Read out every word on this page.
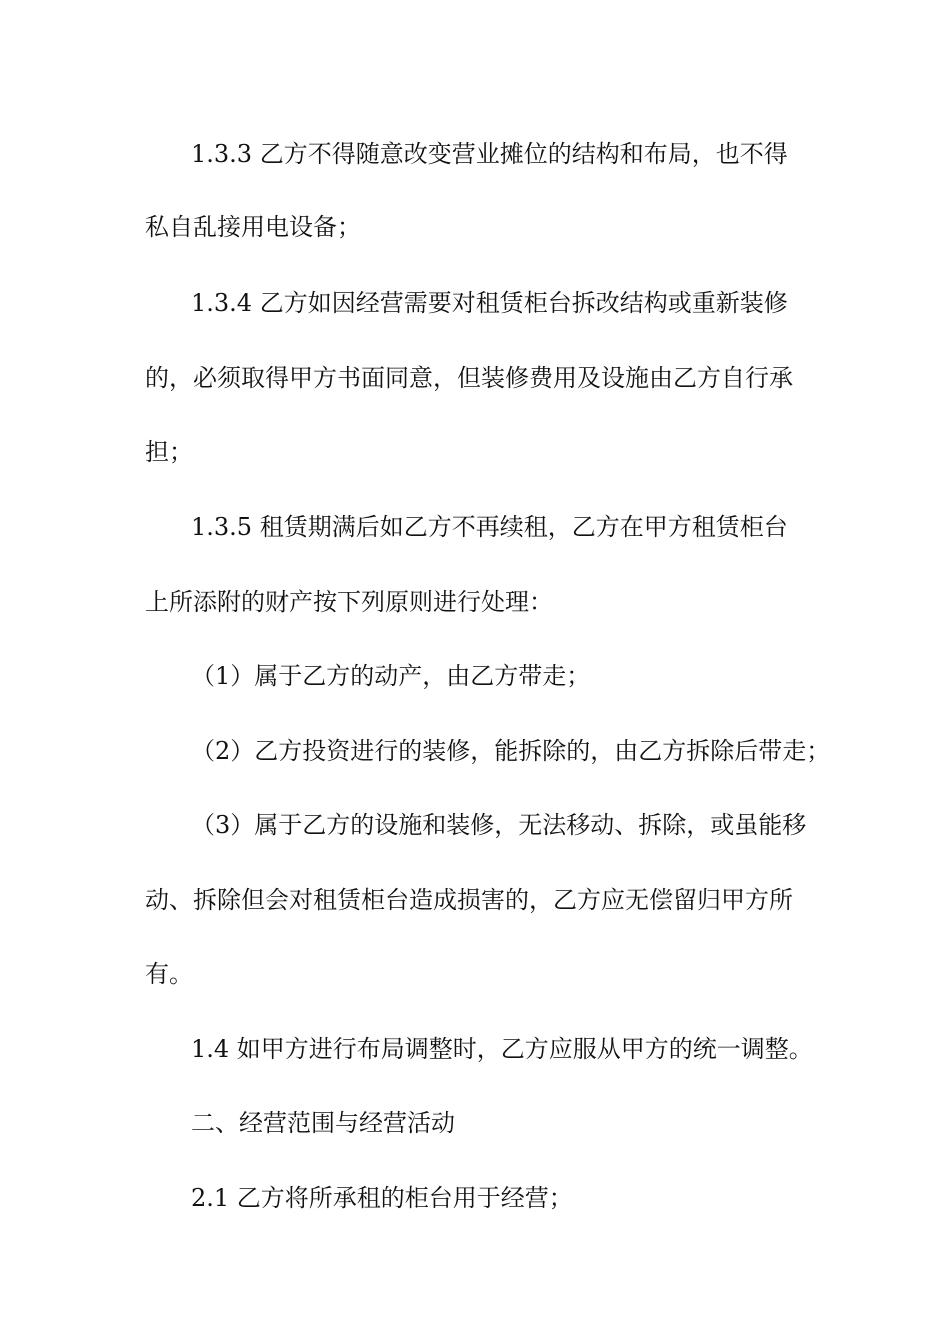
1.3.3 乙方不得随意改变营业摊位的结构和布局，也不得
私自乱接用电设备；
1.3.4 乙方如因经营需要对租赁柜台拆改结构或重新装修
的，必须取得甲方书面同意，但装修费用及设施由乙方自行承
担；
1.3.5 租赁期满后如乙方不再续租，乙方在甲方租赁柜台
上所添附的财产按下列原则进行处理：
（1）属于乙方的动产，由乙方带走；
（2）乙方投资进行的装修，能拆除的，由乙方拆除后带走；
（3）属于乙方的设施和装修，无法移动、拆除，或虽能移
动、拆除但会对租赁柜台造成损害的，乙方应无偿留归甲方所
有。
1.4 如甲方进行布局调整时，乙方应服从甲方的统一调整。
二、经营范围与经营活动
2.1 乙方将所承租的柜台用于经营；
